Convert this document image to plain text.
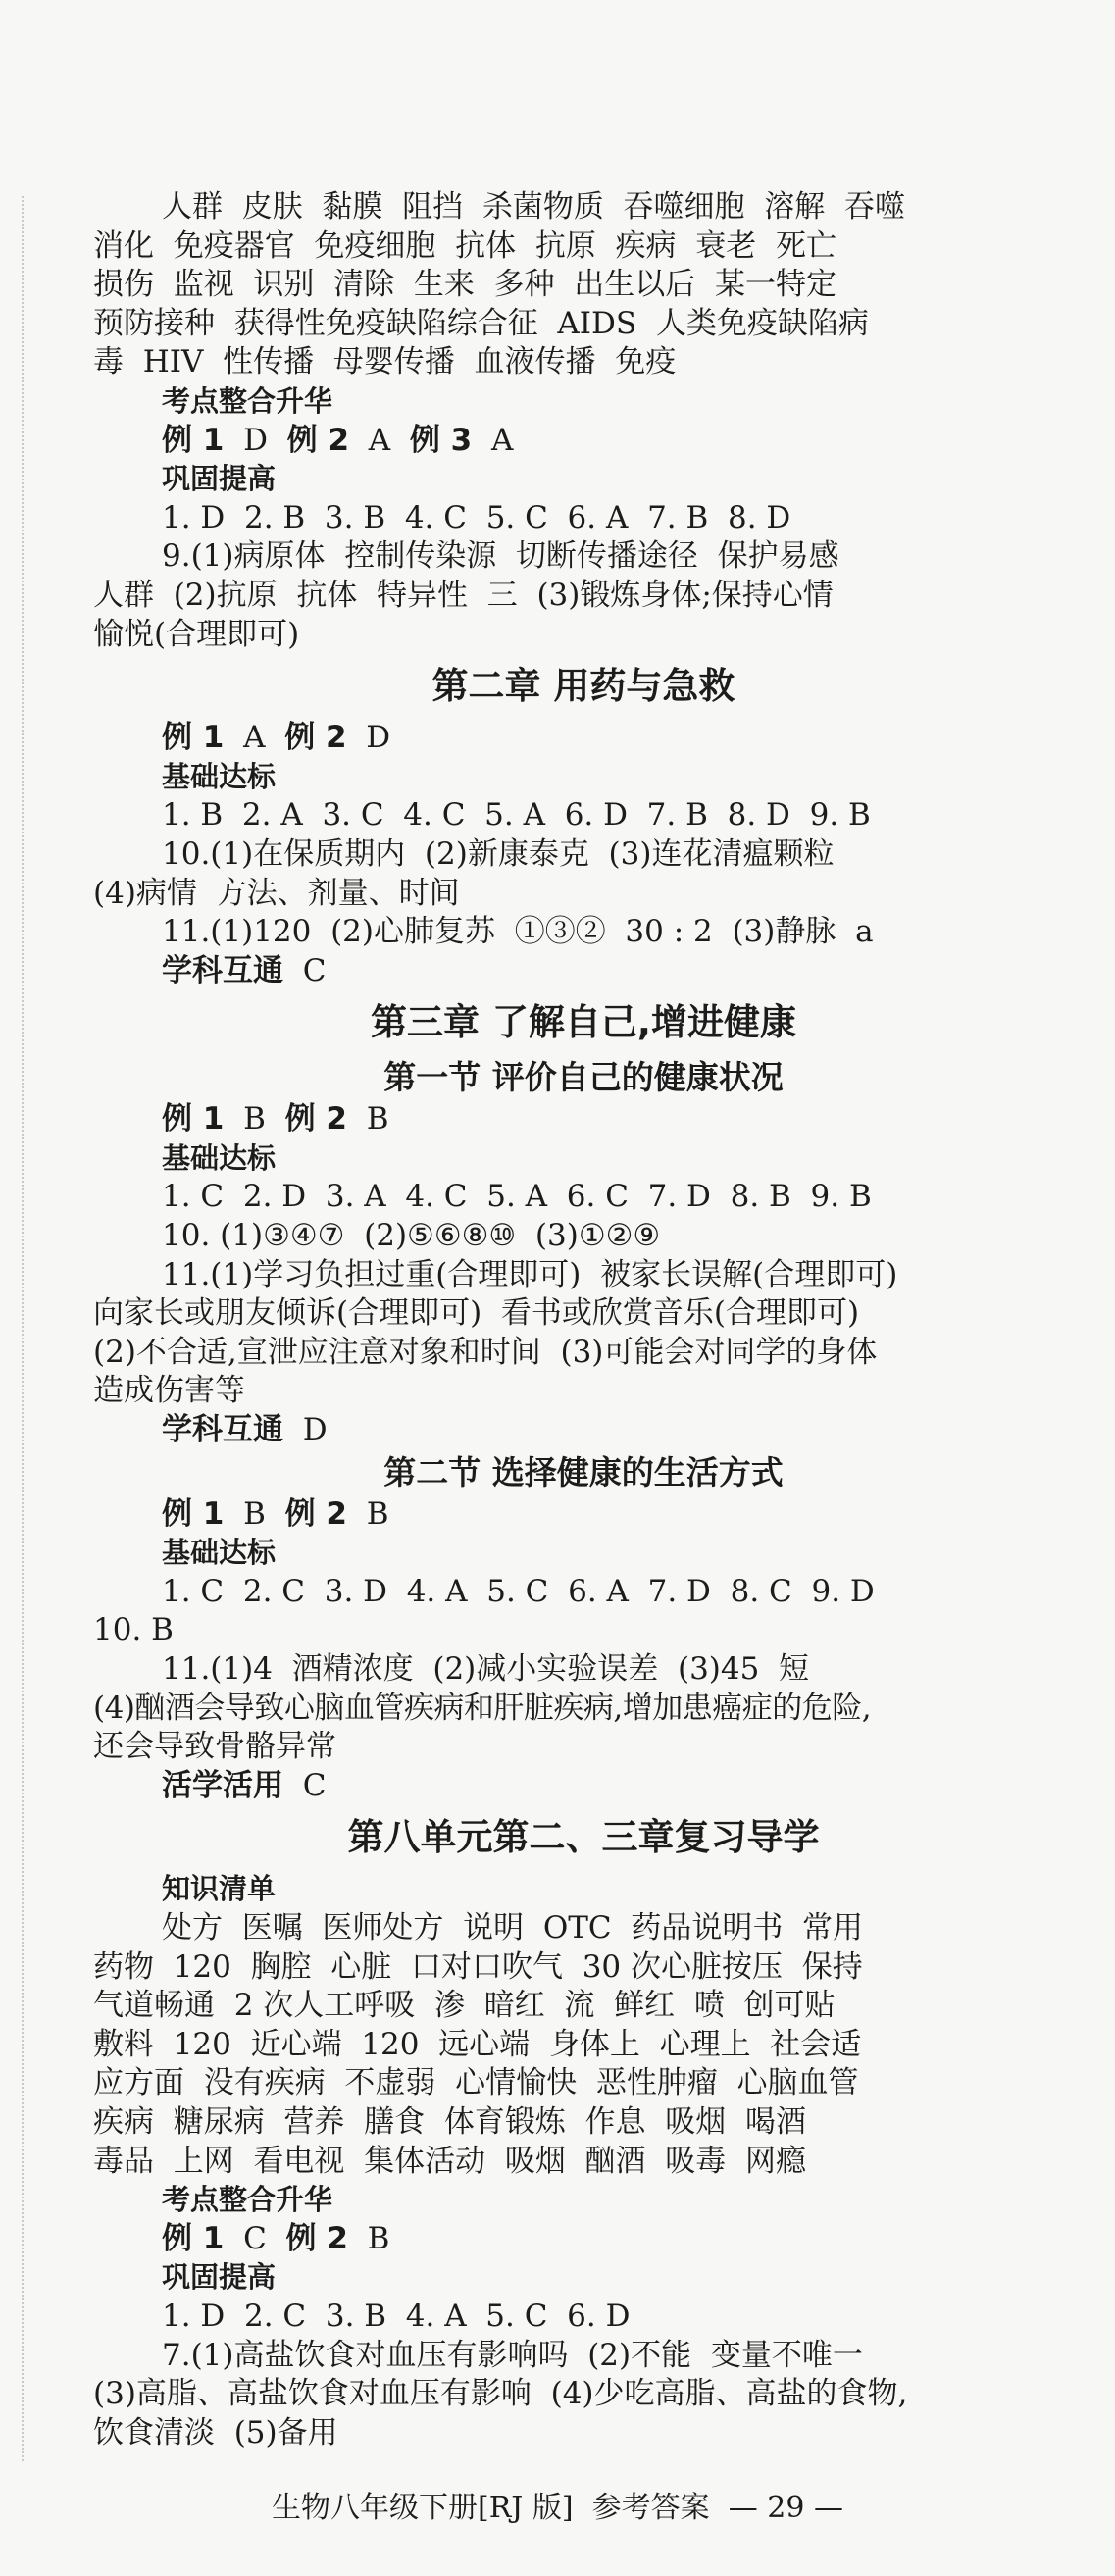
人群  皮肤  黏膜  阻挡  杀菌物质  吞噬细胞  溶解  吞噬
消化  免疫器官  免疫细胞  抗体  抗原  疾病  衰老  死亡
损伤  监视  识别  清除  生来  多种  出生以后  某一特定
预防接种  获得性免疫缺陷综合征  AIDS  人类免疫缺陷病
毒  HIV  性传播  母婴传播  血液传播  免疫
考点整合升华
例 1 D 例 2 A 例 3 A
巩固提高
1. D  2. B  3. B  4. C  5. C  6. A  7. B  8. D
9.(1)病原体  控制传染源  切断传播途径  保护易感
人群  (2)抗原  抗体  特异性  三  (3)锻炼身体;保持心情
愉悦(合理即可)
第二章 用药与急救
例 1 A 例 2 D
基础达标
1. B  2. A  3. C  4. C  5. A  6. D  7. B  8. D  9. B
10.(1)在保质期内  (2)新康泰克  (3)连花清瘟颗粒
(4)病情  方法、剂量、时间
11.(1)120  (2)心肺复苏  ①③②  30 : 2  (3)静脉  a
学科互通 C
第三章 了解自己,增进健康
第一节 评价自己的健康状况
例 1 B 例 2 B
基础达标
1. C  2. D  3. A  4. C  5. A  6. C  7. D  8. B  9. B
10. (1)③④⑦  (2)⑤⑥⑧⑩  (3)①②⑨
11.(1)学习负担过重(合理即可)  被家长误解(合理即可)
向家长或朋友倾诉(合理即可)  看书或欣赏音乐(合理即可)
(2)不合适,宣泄应注意对象和时间  (3)可能会对同学的身体
造成伤害等
学科互通 D
第二节 选择健康的生活方式
例 1 B 例 2 B
基础达标
1. C  2. C  3. D  4. A  5. C  6. A  7. D  8. C  9. D
10. B
11.(1)4  酒精浓度  (2)减小实验误差  (3)45  短
(4)酗酒会导致心脑血管疾病和肝脏疾病,增加患癌症的危险,
还会导致骨骼异常
活学活用 C
第八单元第二、三章复习导学
知识清单
处方  医嘱  医师处方  说明  OTC  药品说明书  常用
药物  120  胸腔  心脏  口对口吹气  30 次心脏按压  保持
气道畅通  2 次人工呼吸  渗  暗红  流  鲜红  喷  创可贴
敷料  120  近心端  120  远心端  身体上  心理上  社会适
应方面  没有疾病  不虚弱  心情愉快  恶性肿瘤  心脑血管
疾病  糖尿病  营养  膳食  体育锻炼  作息  吸烟  喝酒
毒品  上网  看电视  集体活动  吸烟  酗酒  吸毒  网瘾
考点整合升华
例 1 C 例 2 B
巩固提高
1. D  2. C  3. B  4. A  5. C  6. D
7.(1)高盐饮食对血压有影响吗  (2)不能  变量不唯一
(3)高脂、高盐饮食对血压有影响  (4)少吃高脂、高盐的食物,
饮食清淡  (5)备用
生物八年级下册[RJ 版]  参考答案  — 29 —
